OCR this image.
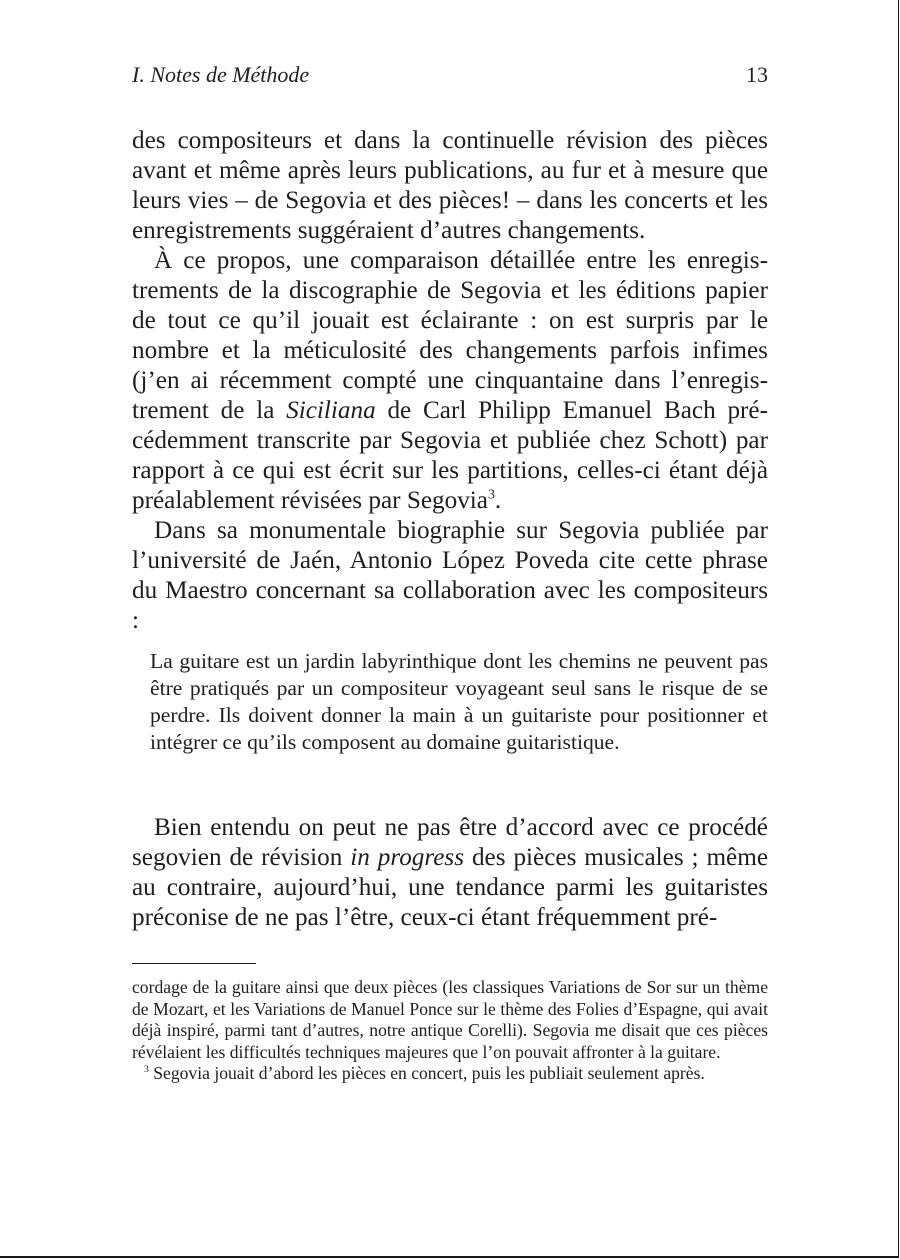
I. Notes de Méthode	13

des compositeurs et dans la continuelle révision des pièces avant et même après leurs publications, au fur et à mesure que leurs vies – de Segovia et des pièces! – dans les concerts et les enregistrements suggéraient d’autres changements.

À ce propos, une comparaison détaillée entre les enregistrements de la discographie de Segovia et les éditions papier de tout ce qu’il jouait est éclairante : on est surpris par le nombre et la méticulosité des changements parfois infimes (j’en ai récemment compté une cinquantaine dans l’enregistrement de la Siciliana de Carl Philipp Emanuel Bach précédemment transcrite par Segovia et publiée chez Schott) par rapport à ce qui est écrit sur les partitions, celles-ci étant déjà préalablement révisées par Segovia$^3$.

Dans sa monumentale biographie sur Segovia publiée par l’université de Jaén, Antonio López Poveda cite cette phrase du Maestro concernant sa collaboration avec les compositeurs :

La guitare est un jardin labyrinthique dont les chemins ne peuvent pas être pratiqués par un compositeur voyageant seul sans le risque de se perdre. Ils doivent donner la main à un guitariste pour positionner et intégrer ce qu’ils composent au domaine guitaristique.

Bien entendu on peut ne pas être d’accord avec ce procédé segovien de révision in progress des pièces musicales ; même au contraire, aujourd’hui, une tendance parmi les guitaristes préconise de ne pas l’être, ceux-ci étant fréquemment pré-

cordage de la guitare ainsi que deux pièces (les classiques Variations de Sor sur un thème de Mozart, et les Variations de Manuel Ponce sur le thème des Folies d’Espagne, qui avait déjà inspiré, parmi tant d’autres, notre antique Corelli). Segovia me disait que ces pièces révélaient les difficultés techniques majeures que l’on pouvait affronter à la guitare.

$^3$ Segovia jouait d’abord les pièces en concert, puis les publiait seulement après.
